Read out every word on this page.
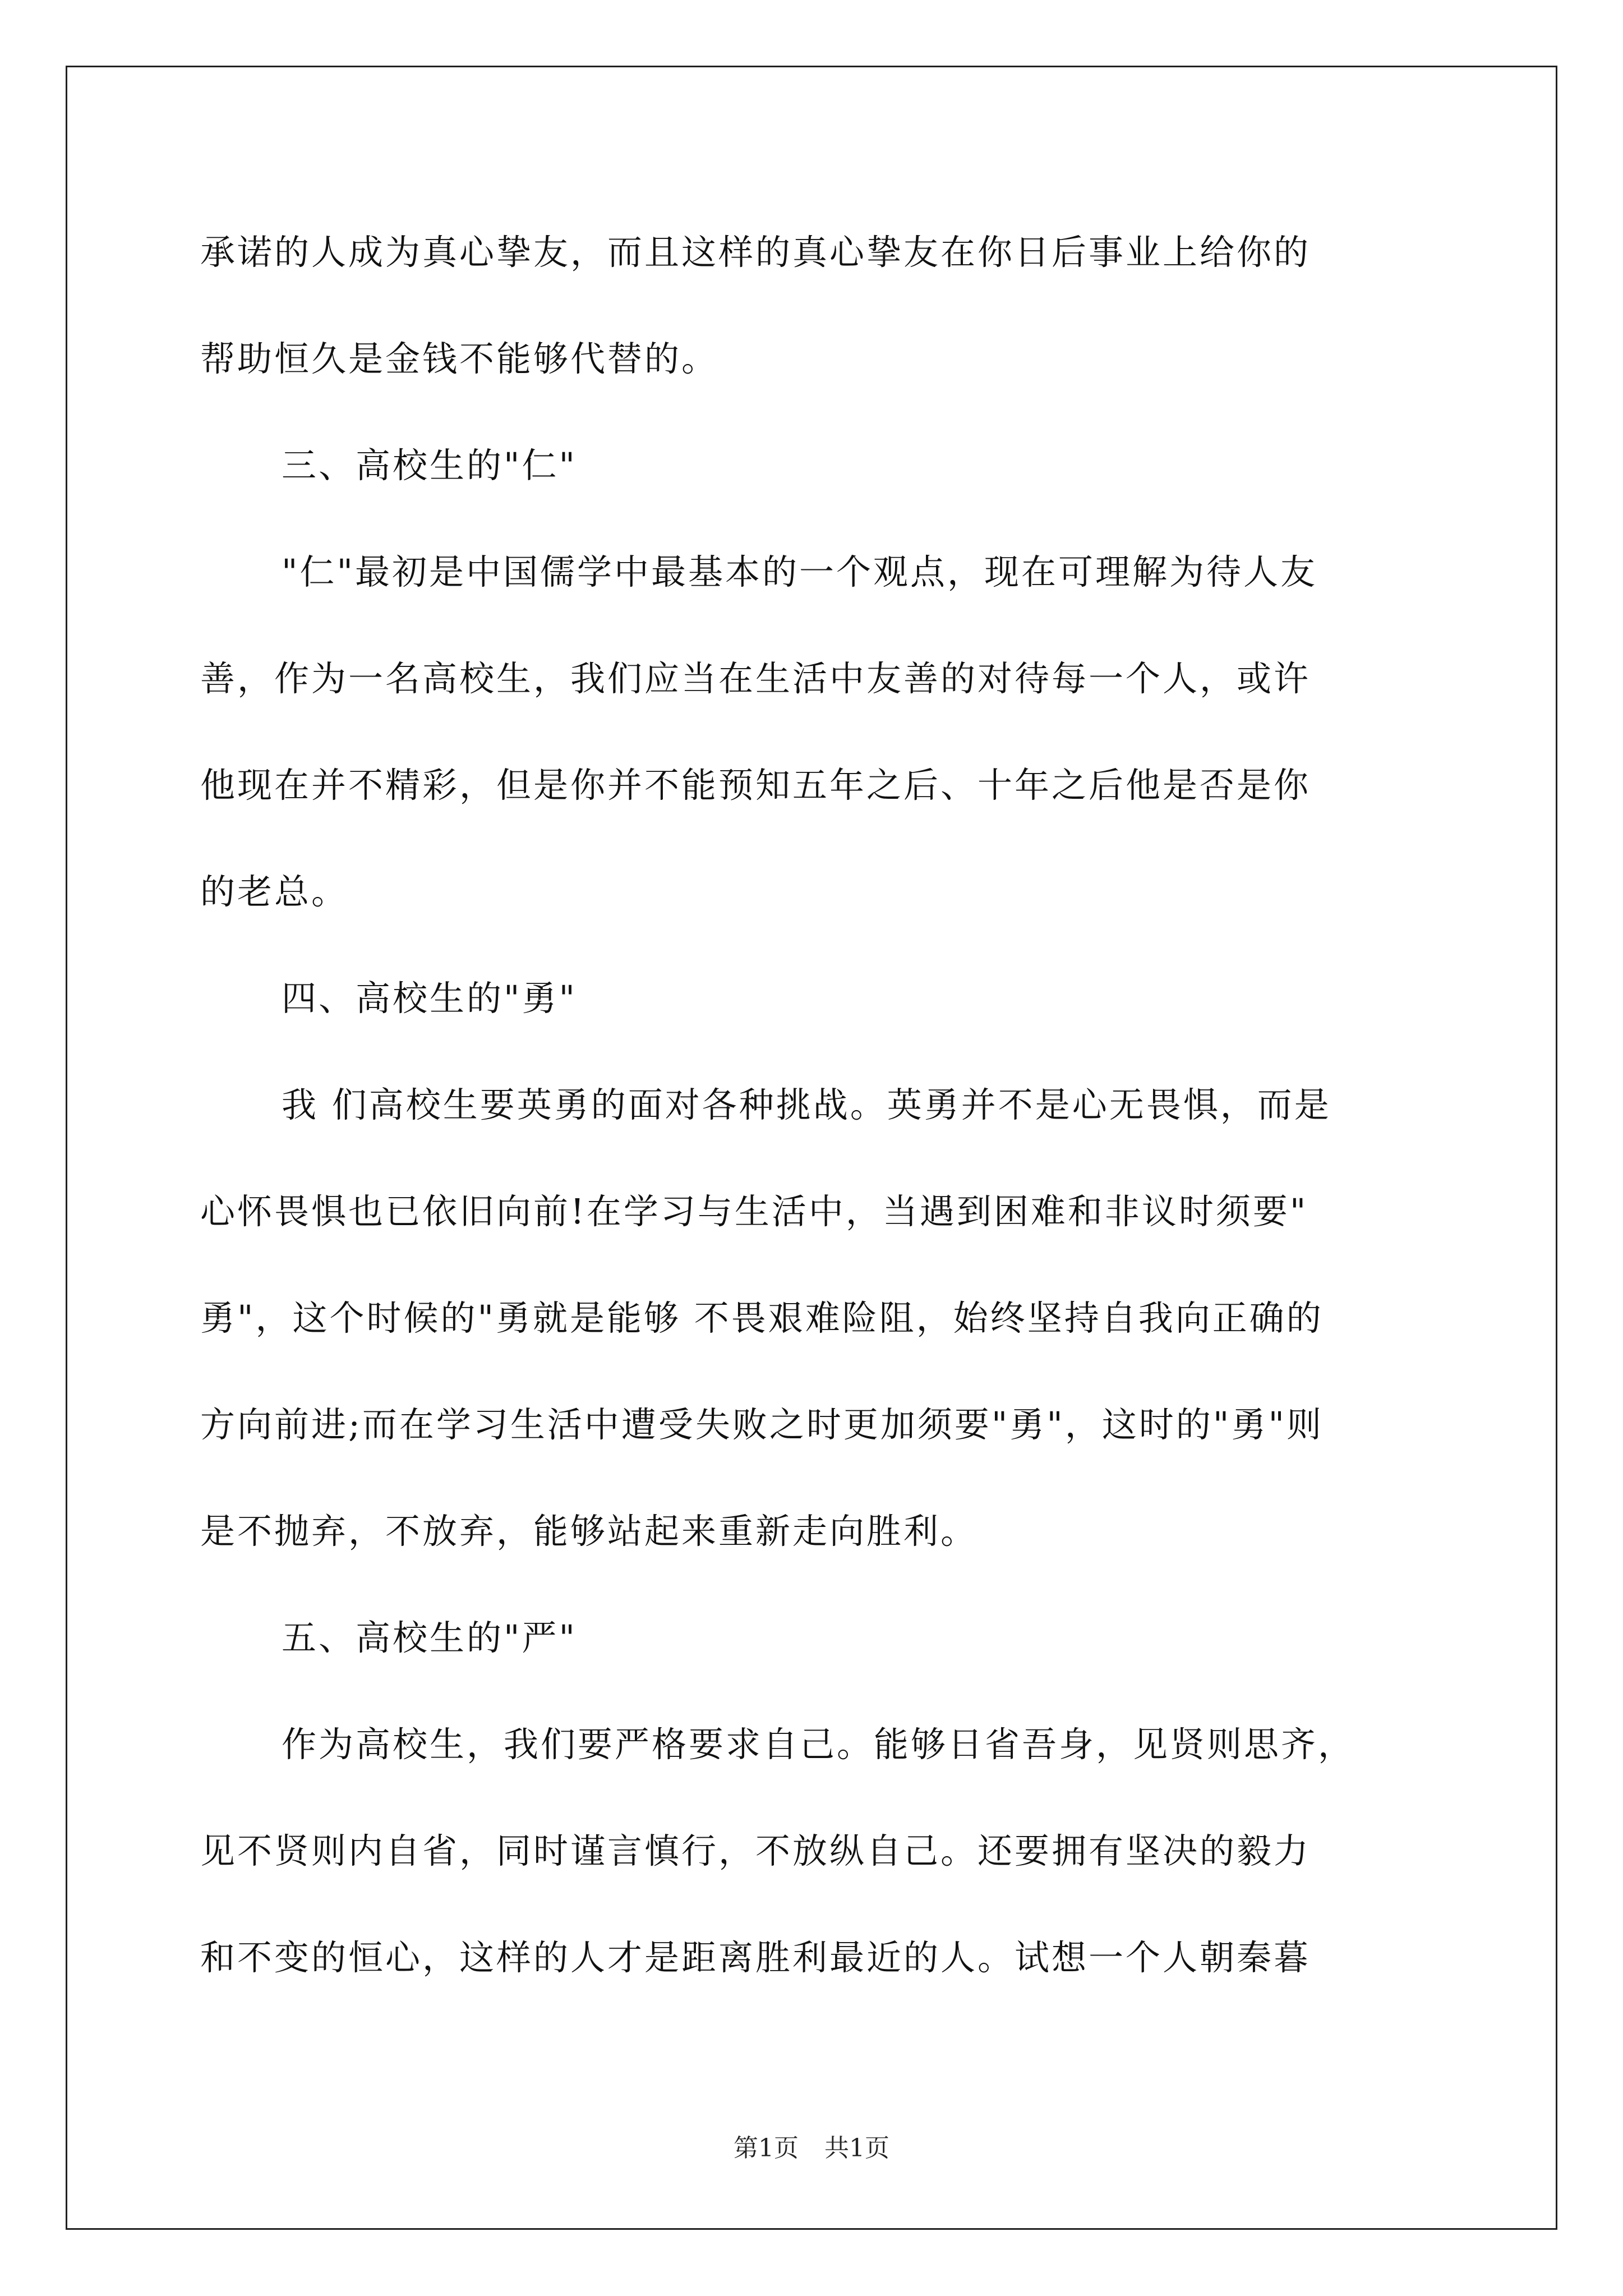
承诺的人成为真心挚友，而且这样的真心挚友在你日后事业上给你的
帮助恒久是金钱不能够代替的。
三、高校生的"仁"
"仁"最初是中国儒学中最基本的一个观点，现在可理解为待人友
善，作为一名高校生，我们应当在生活中友善的对待每一个人，或许
他现在并不精彩，但是你并不能预知五年之后、十年之后他是否是你
的老总。
四、高校生的"勇"
我 们高校生要英勇的面对各种挑战。英勇并不是心无畏惧，而是
心怀畏惧也已依旧向前!在学习与生活中，当遇到困难和非议时须要"
勇"，这个时候的"勇就是能够 不畏艰难险阻，始终坚持自我向正确的
方向前进;而在学习生活中遭受失败之时更加须要"勇"，这时的"勇"则
是不抛弃，不放弃，能够站起来重新走向胜利。
五、高校生的"严"
作为高校生，我们要严格要求自己。能够日省吾身，见贤则思齐，
见不贤则内自省，同时谨言慎行，不放纵自己。还要拥有坚决的毅力
和不变的恒心，这样的人才是距离胜利最近的人。试想一个人朝秦暮
第1页 共1页
